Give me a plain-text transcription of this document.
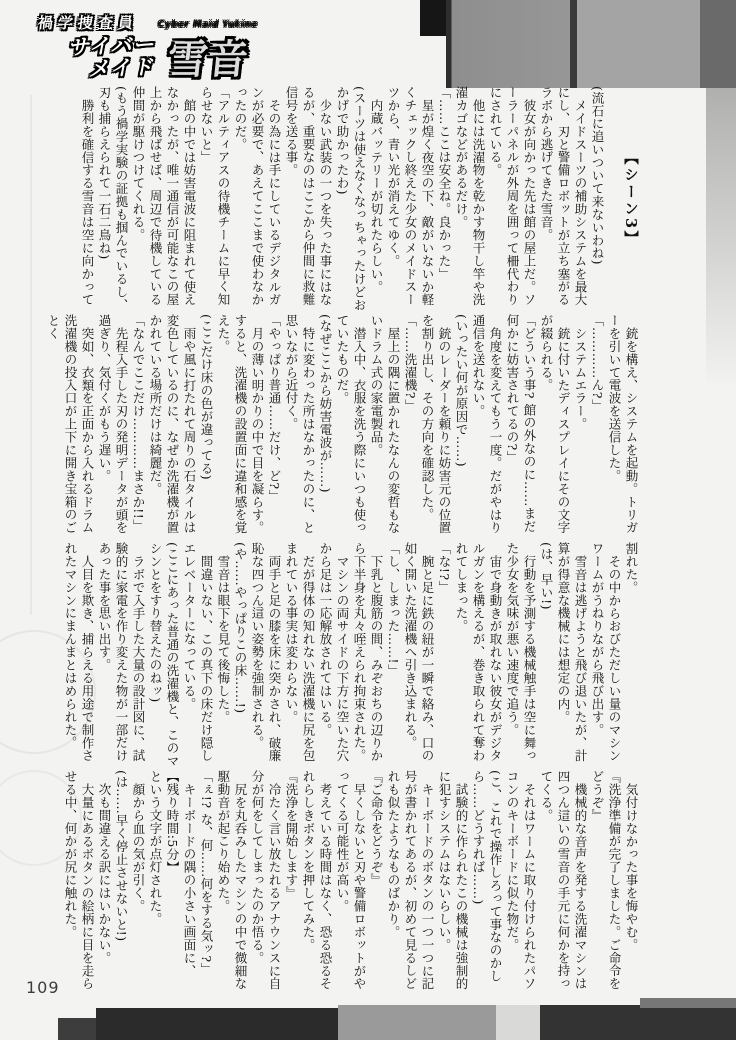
禍学捜査員 Cyber Maid Yukine
サイバー
メイド 雪音
【シーン3】

(流石に追いついて来ないわね)

メイドスーツの補助システムを最大にし、刃と警備ロボットが立ち塞がるラボから逃げてきた雪音。

彼女が向かった先は館の屋上だ。ソーラーパネルが外周を囲って柵代わりにされている。

他には洗濯物を乾かす物干し竿や洗濯カゴなどがあるだけ。

「……ここは安全ね。良かった」

星が煌く夜空の下、敵がいないか軽くチェックし終えた少女のメイドスーツから、青い光が消えてゆく。

内蔵バッテリーが切れたらしい。

(スーツは使えなくなっちゃったけどおかげで助かったわ)

少ない武装の一つを失った事にはなるが、重要なのはここから仲間に救難信号を送る事。

その為には手にしているデジタルガンが必要で、あえてここまで使わなかったのだ。

「アルティアスの待機チームに早く知らせないと」

館の中では妨害電波に阻まれて使えなかったが、唯一通信が可能なこの屋上から飛ばせば、周辺で待機している仲間が駆けつけてくれる。

(もう禍学実験の証拠も掴んでいるし、刃も捕らえられて一石二鳥ね)

勝利を確信する雪音は空に向かって

銃を構え、システムを起動。トリガーを引いて電波を送信した。

「…………ん?」

システムエラー。

銃に付いたディスプレイにその文字が綴られる。

「どういう事? 館の外なのに……まだ何かに妨害されてるの?」

角度を変えてもう一度。だがやはり通信を送れない。

(いったい何が原因で……)

銃のレーダーを頼りに妨害元の位置を割り出し、その方向を確認した。

「……洗濯機?」

屋上の隅に置かれたなんの変哲もないドラム式の家電製品。

潜入中、衣服を洗う際にいつも使っていたものだ。

(なぜここから妨害電波が……)

特に変わった所はなかったのに、と思いながら近付く。

「やっぱり普通……だけ、ど?」

月の薄い明かりの中で目を凝らす。すると、洗濯機の設置面に違和感を覚えた。

(ここだけ床の色が違ってる)

雨や風に打たれて周りの石タイルは変色しているのに、なぜか洗濯機が置かれている場所だけは綺麗だ。

「なんでここだけ…………まさか!!」

先程入手した刃の発明データが頭を過ぎり、気付くがもう遅い。

突如、衣類を正面から入れるドラム洗濯機の投入口が上下に開き宝箱のごとく

割れた。

その中からおびただしい量のマシンワームがうねりながら飛び出す。

雪音は逃げようと飛び退いたが、計算が得意な機械には想定の内。

(は、早い!)

行動を予測する機械触手は空に舞った少女を気味が悪い速度で追う。

宙で身動きが取れない彼女がデジタルガンを構えるが、巻き取られて奪われてしまった。

「な!?」

腕と足に鉄の紐が一瞬で絡み、口の如く開いた洗濯機へ引き込まれる。

「し、しまった……!」

下乳と腹筋の間、みぞおちの辺りから下半身を丸々咥えられ拘束された。

マシンの両サイドの下方に空いた穴から足は一応解放されてはいる。

だが得体の知れない洗濯機に尻を包まれている事実は変わらない。

両手と足の膝を床に突かされ、破廉恥な四つん這い姿勢を強制される。

(や……やっぱりこの床……!)

雪音は眼下を見て後悔した。

間違いない、この真下の床だけ隠しエレベーターになっている。

(ここにあった普通の洗濯機と、このマシンとをすり替えたのねッ)

ラボで入手した大量の設計図に、試験的に家電を作り変えた物が一部だけあった事を思い出す。

人目を欺き、捕らえる用途で制作されたマシンにまんまとはめられた。

気付けなかった事を悔やむ。

『洗浄準備が完了しました。ご命令をどうぞ』

機械的な音声を発する洗濯マシンは四つん這いの雪音の手元に何かを持ってくる。

それはワームに取り付けられたパソコンのキーボードに似た物だ。

(こ、これで操作しろって事なのかしら……どうすれば……)

試験的に作られたこの機械は強制的に犯すシステムはないらしい。

キーボードのボタンの一つ一つに記号が書かれてあるが、初めて見るしどれも似たようなものばかり。

『ご命令をどうぞ』

早くしないと刃や警備ロボットがやってくる可能性が高い。

考えている時間はなく、恐る恐るそれらしきボタンを押してみた。

『洗浄を開始します』

冷たく言い放たれるアナウンスに自分が何をしてしまったのか悟る。

尻を丸呑みしたマシンの中で微細な駆動音が起こり始めた。

「ぇ!? な、何……何をする気ッ?」

キーボードの隅の小さい画面に、

【残り時間:5分】

という文字が点灯された。

顔から血の気が引く。

(は……早く停止させないと!)

次も間違える訳にはいかない。

大量にあるボタンの絵柄に目を走らせる中、何かが尻に触れた。

109
